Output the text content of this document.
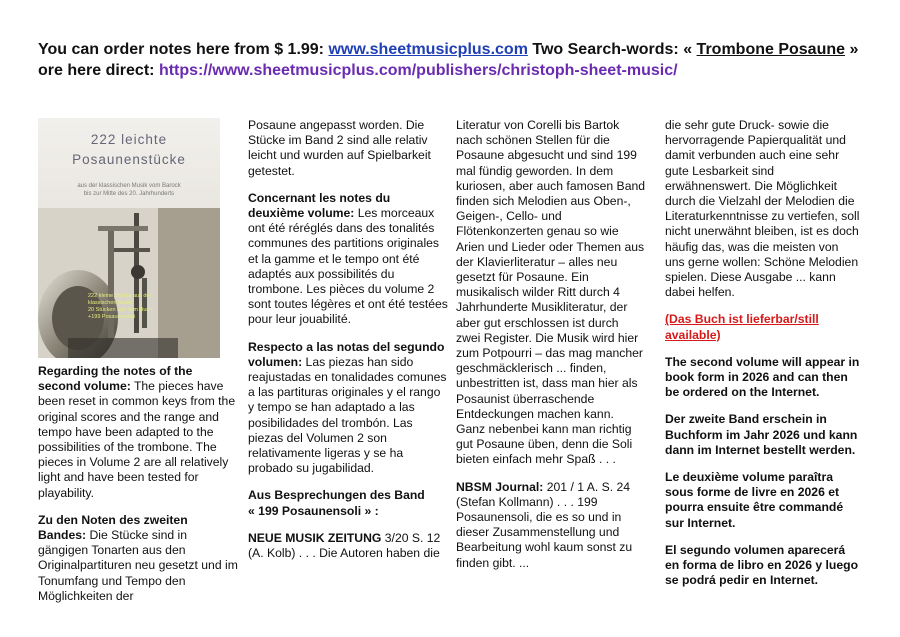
You can order notes here from $ 1.99: www.sheetmusicplus.com Two Search-words: « Trombone Posaune »
ore here direct: https://www.sheetmusicplus.com/publishers/christoph-sheet-music/
222 leichte
Posaunenstücke
aus der klassischen Musik vom Barock
bis zur Mitte des 20. Jahrhunderts
222 kleine Stücke aus der
klassischen Musik
20 Stücken aus dem Buch
+199 Posaunensoli

Regarding the notes of the second volume: The pieces have been reset in common keys from the original scores and the range and tempo have been adapted to the possibilities of the trombone. The pieces in Volume 2 are all relatively light and have been tested for playability.

Zu den Noten des zweiten Bandes: Die Stücke sind in gängigen Tonarten aus den Originalpartituren neu gesetzt und im Tonumfang und Tempo den Möglichkeiten der

Posaune angepasst worden. Die Stücke im Band 2 sind alle relativ leicht und wurden auf Spielbarkeit getestet.

Concernant les notes du deuxième volume: Les morceaux ont été réréglés dans des tonalités communes des partitions originales et la gamme et le tempo ont été adaptés aux possibilités du trombone. Les pièces du volume 2 sont toutes légères et ont été testées pour leur jouabilité.

Respecto a las notas del segundo volumen: Las piezas han sido reajustadas en tonalidades comunes a las partituras originales y el rango y tempo se han adaptado a las posibilidades del trombón. Las piezas del Volumen 2 son relativamente ligeras y se ha probado su jugabilidad.

Aus Besprechungen des Band

« 199 Posaunensoli » :

NEUE MUSIK ZEITUNG 3/20 S. 12 (A. Kolb) . . . Die Autoren haben die

Literatur von Corelli bis Bartok nach schönen Stellen für die Posaune abgesucht und sind 199 mal fündig geworden. In dem kuriosen, aber auch famosen Band finden sich Melodien aus Oben-, Geigen-, Cello- und Flötenkonzerten genau so wie Arien und Lieder oder Themen aus der Klavierliteratur – alles neu gesetzt für Posaune. Ein musikalisch wilder Ritt durch 4 Jahrhunderte Musikliteratur, der aber gut erschlossen ist durch zwei Register. Die Musik wird hier zum Potpourri – das mag mancher geschmäcklerisch ... finden, unbestritten ist, dass man hier als Posaunist überraschende Entdeckungen machen kann. Ganz nebenbei kann man richtig gut Posaune üben, denn die Soli bieten einfach mehr Spaß . . .

NBSM Journal: 201 / 1 A. S. 24 (Stefan Kollmann) . . . 199 Posaunensoli, die es so und in dieser Zusammenstellung und Bearbeitung wohl kaum sonst zu finden gibt. ...

die sehr gute Druck- sowie die hervorragende Papierqualität und damit verbunden auch eine sehr gute Lesbarkeit sind erwähnenswert. Die Möglichkeit durch die Vielzahl der Melodien die Literaturkenntnisse zu vertiefen, soll nicht unerwähnt bleiben, ist es doch häufig das, was die meisten von uns gerne wollen: Schöne Melodien spielen. Diese Ausgabe ... kann dabei helfen.

(Das Buch ist lieferbar/still available)

The second volume will appear in book form in 2026 and can then be ordered on the Internet.

Der zweite Band erschein in Buchform im Jahr 2026 und kann dann im Internet bestellt werden.

Le deuxième volume paraîtra sous forme de livre en 2026 et pourra ensuite être commandé sur Internet.

El segundo volumen aparecerá en forma de libro en 2026 y luego se podrá pedir en Internet.
